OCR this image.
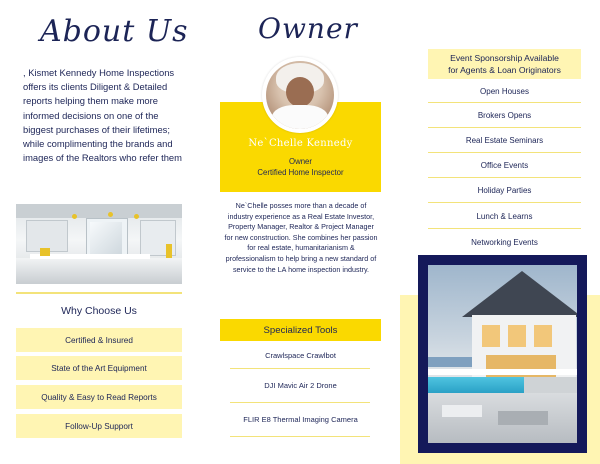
About Us
, Kismet Kennedy Home Inspections offers its clients Diligent & Detailed reports helping them make more informed decisions on one of the biggest purchases of their lifetimes; while complimenting the brands and images of the Realtors who refer them
Why Choose Us
Certified & Insured
State of the Art Equipment
Quality & Easy to Read Reports
Follow-Up Support
Owner
Ne`Chelle Kennedy
Owner
Certified Home Inspector
Ne`Chelle posses more than a decade of industry experience as a Real Estate Investor, Property Manager, Realtor & Project Manager for new construction. She combines her passion for real estate, humanitarianism & professionalism to help bring a new standard of service to the LA home inspection industry.
Specialized Tools
Crawlspace Crawlbot
DJI Mavic Air 2 Drone
FLIR E8 Thermal Imaging Camera
Event Sponsorship Available
for Agents & Loan Originators
Open Houses
Brokers Opens
Real Estate Seminars
Office Events
Holiday Parties
Lunch & Learns
Networking Events
